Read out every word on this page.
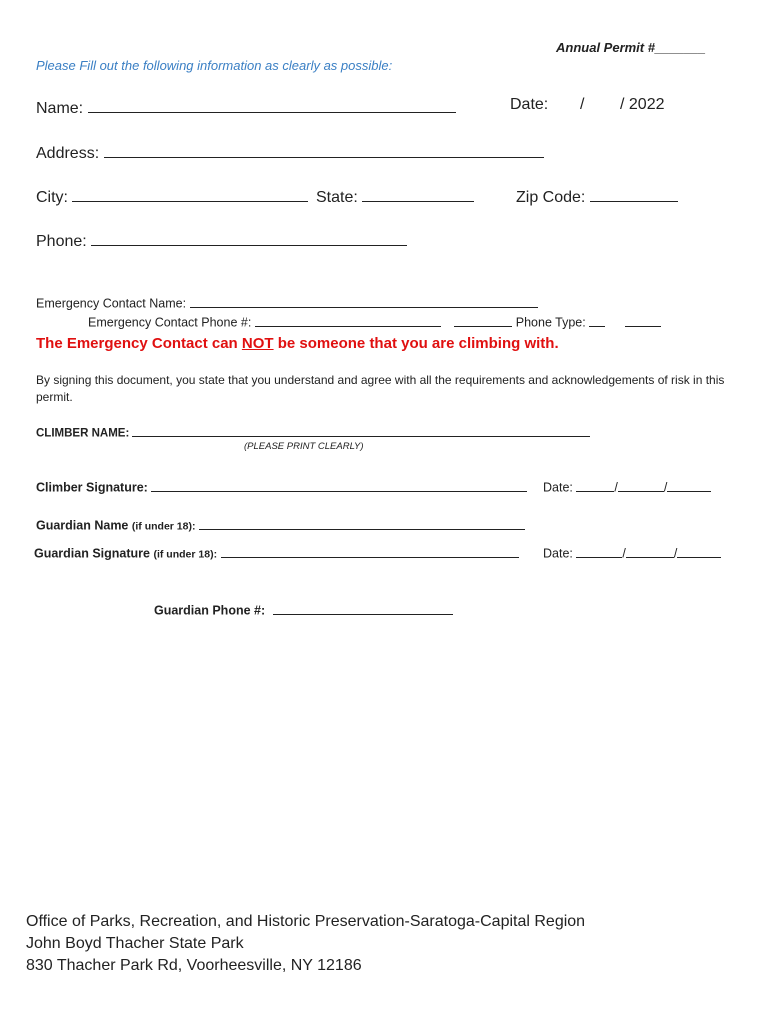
Annual Permit #_______
Please Fill out the following information as clearly as possible:
Name:	Date: / / 2022
Address:
City:	State:	Zip Code:
Phone:
Emergency Contact Name:
Emergency Contact Phone #:	Phone Type:
The Emergency Contact can NOT be someone that you are climbing with.
By signing this document, you state that you understand and agree with all the requirements and acknowledgements of risk in this permit.
CLIMBER NAME:
(PLEASE PRINT CLEARLY)
Climber Signature:	Date:	/	/
Guardian Name (if under 18):
Guardian Signature (if under 18):	Date:	/	/
Guardian Phone #:
Office of Parks, Recreation, and Historic Preservation-Saratoga-Capital Region
John Boyd Thacher State Park
830 Thacher Park Rd, Voorheesville, NY 12186
